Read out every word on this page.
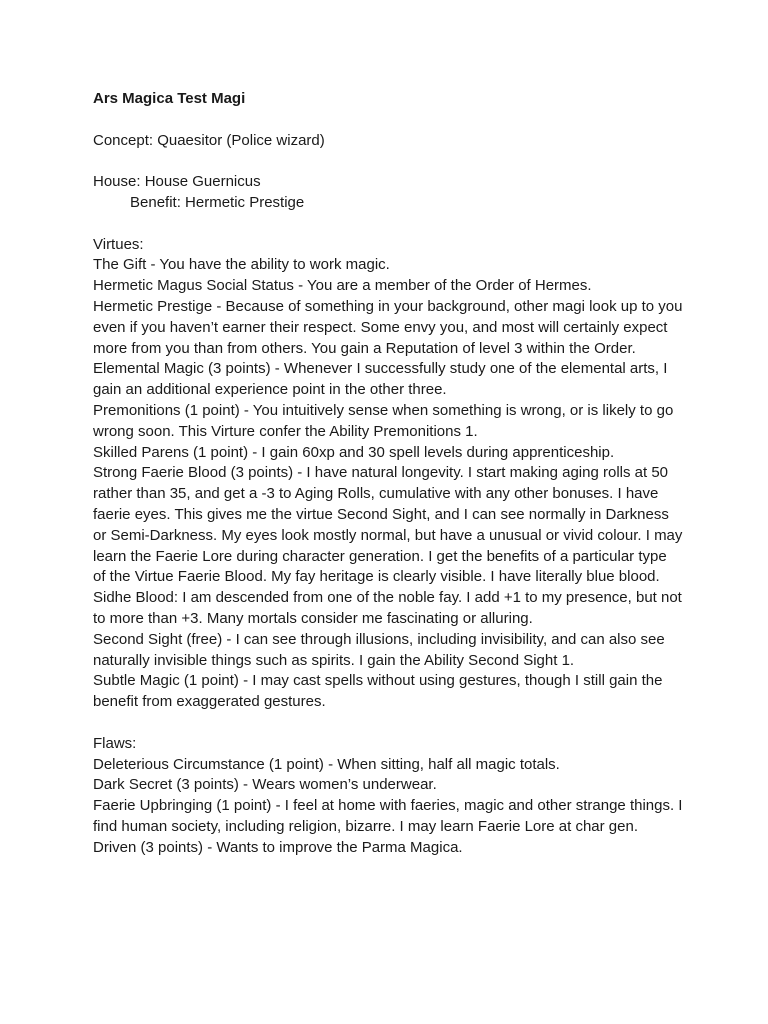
Ars Magica Test Magi

Concept: Quaesitor (Police wizard)

House: House Guernicus

Benefit: Hermetic Prestige

Virtues:

The Gift - You have the ability to work magic.

Hermetic Magus Social Status - You are a member of the Order of Hermes.

Hermetic Prestige - Because of something in your background, other magi look up to you even if you haven’t earner their respect. Some envy you, and most will certainly expect more from you than from others. You gain a Reputation of level 3 within the Order.

Elemental Magic (3 points) - Whenever I successfully study one of the elemental arts, I gain an additional experience point in the other three.

Premonitions (1 point) - You intuitively sense when something is wrong, or is likely to go wrong soon. This Virture confer the Ability Premonitions 1.

Skilled Parens (1 point) - I gain 60xp and 30 spell levels during apprenticeship.

Strong Faerie Blood (3 points) - I have natural longevity. I start making aging rolls at 50 rather than 35, and get a -3 to Aging Rolls, cumulative with any other bonuses. I have faerie eyes. This gives me the virtue Second Sight, and I can see normally in Darkness or Semi-Darkness. My eyes look mostly normal, but have a unusual or vivid colour. I may learn the Faerie Lore during character generation. I get the benefits of a particular type of the Virtue Faerie Blood. My fay heritage is clearly visible. I have literally blue blood. Sidhe Blood: I am descended from one of the noble fay. I add +1 to my presence, but not to more than +3. Many mortals consider me fascinating or alluring.

Second Sight (free) - I can see through illusions, including invisibility, and can also see naturally invisible things such as spirits. I gain the Ability Second Sight 1.

Subtle Magic (1 point) - I may cast spells without using gestures, though I still gain the benefit from exaggerated gestures.

Flaws:

Deleterious Circumstance (1 point) - When sitting, half all magic totals.

Dark Secret (3 points) - Wears women’s underwear.

Faerie Upbringing (1 point) - I feel at home with faeries, magic and other strange things. I find human society, including religion, bizarre. I may learn Faerie Lore at char gen.

Driven (3 points) - Wants to improve the Parma Magica.
